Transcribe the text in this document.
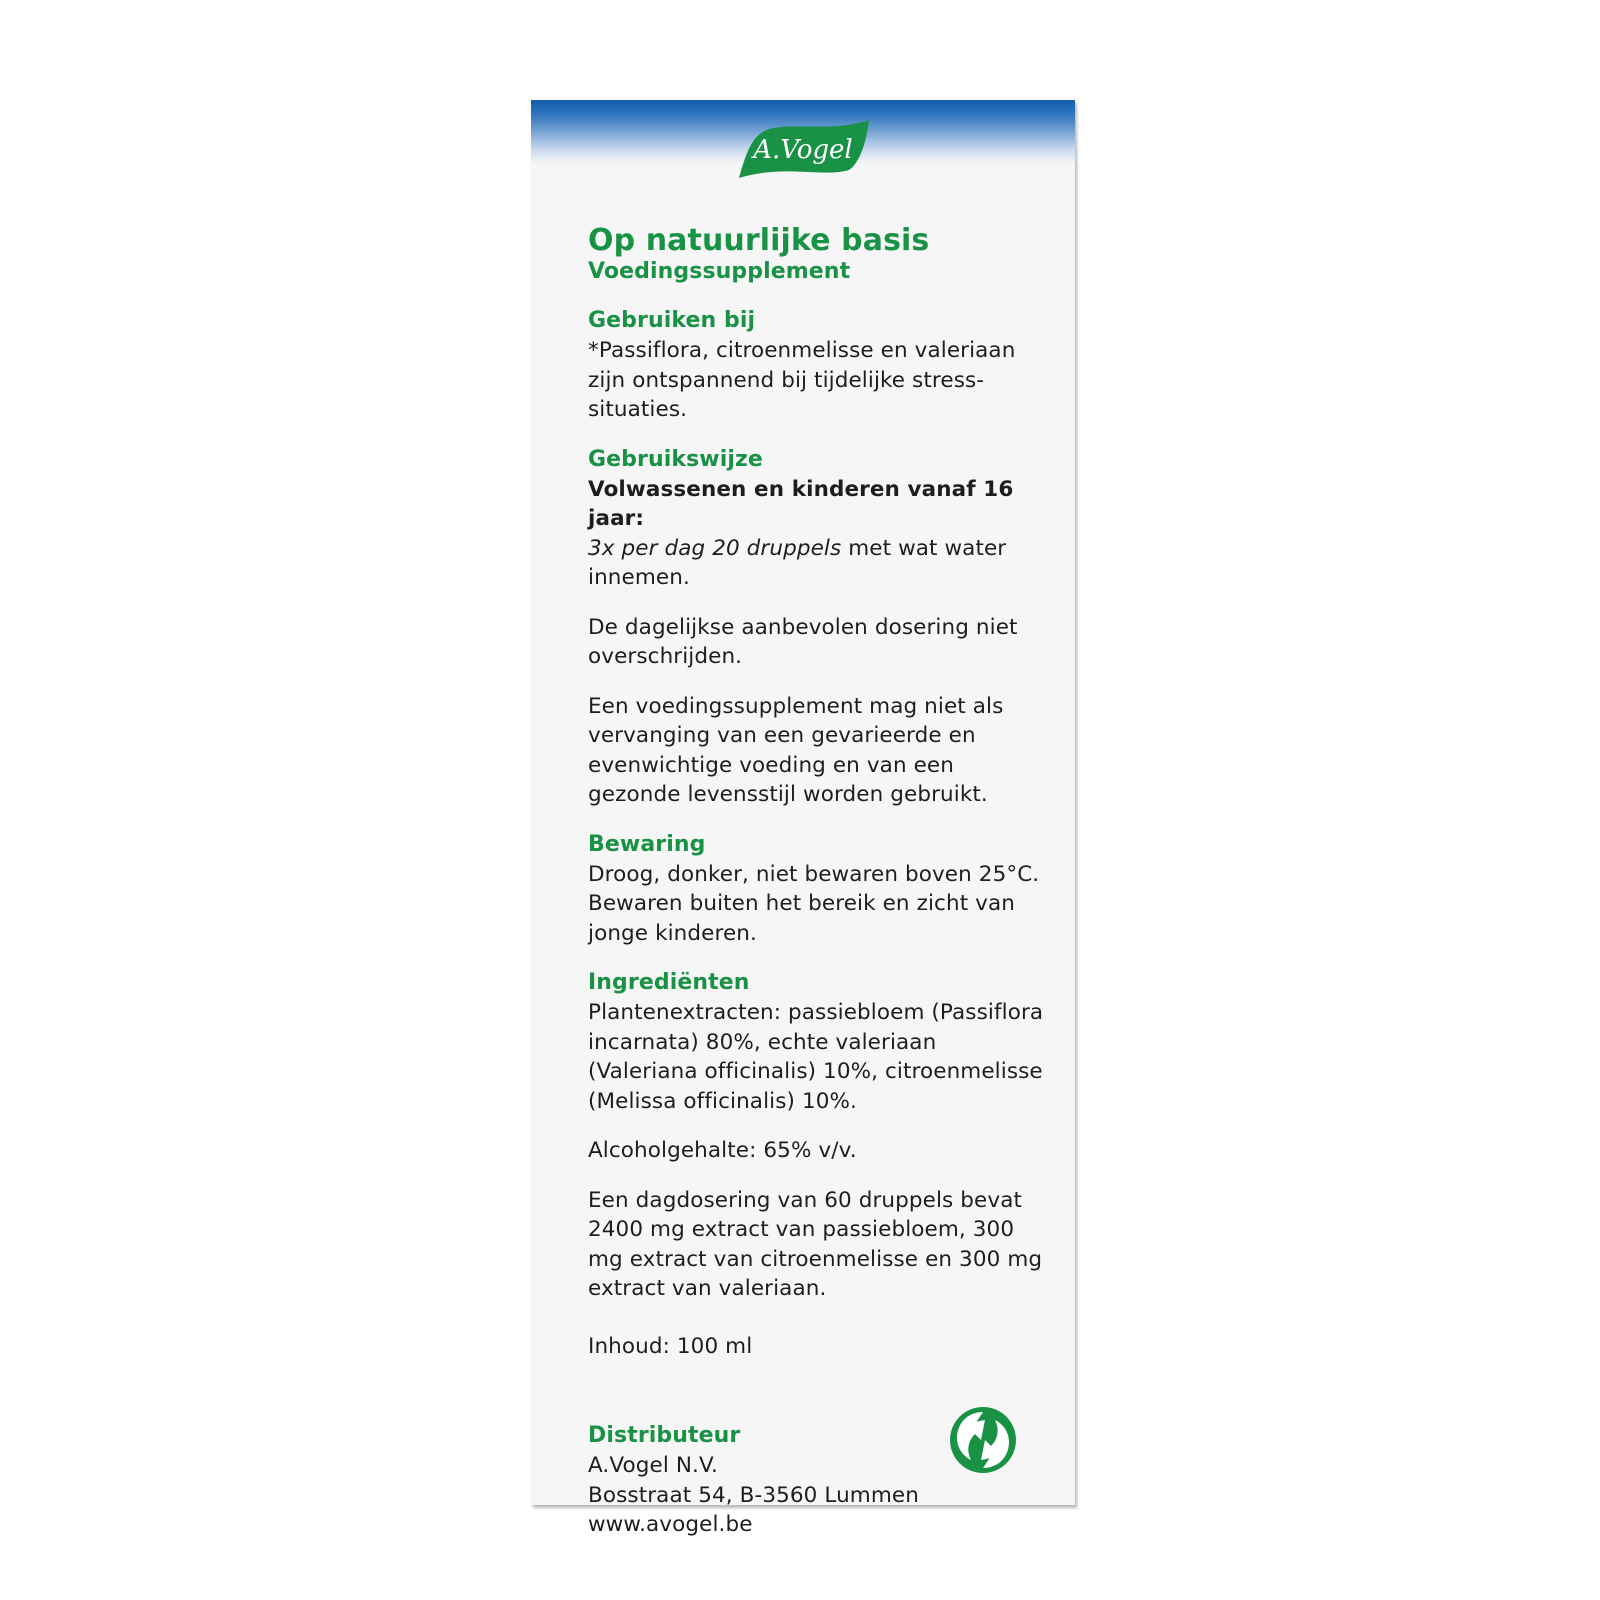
A.Vogel
Op natuurlijke basis
Voedingssupplement
Gebruiken bij

*Passiflora, citroenmelisse en valeriaan zijn ontspannend bij tijdelijke stress-situaties.

Gebruikswijze

Volwassenen en kinderen vanaf 16 jaar:
3x per dag 20 druppels met wat water innemen.

De dagelijkse aanbevolen dosering niet overschrijden.

Een voedingssupplement mag niet als vervanging van een gevarieerde en evenwichtige voeding en van een gezonde levensstijl worden gebruikt.

Bewaring

Droog, donker, niet bewaren boven 25°C. Bewaren buiten het bereik en zicht van jonge kinderen.

Ingrediënten

Plantenextracten: passiebloem (Passiflora incarnata) 80%, echte valeriaan (Valeriana officinalis) 10%, citroenmelisse (Melissa officinalis) 10%.

Alcoholgehalte: 65% v/v.

Een dagdosering van 60 druppels bevat 2400 mg extract van passiebloem, 300 mg extract van citroenmelisse en 300 mg extract van valeriaan.

Inhoud: 100 ml

Distributeur
A.Vogel N.V.
Bosstraat 54, B-3560 Lummen
www.avogel.be
